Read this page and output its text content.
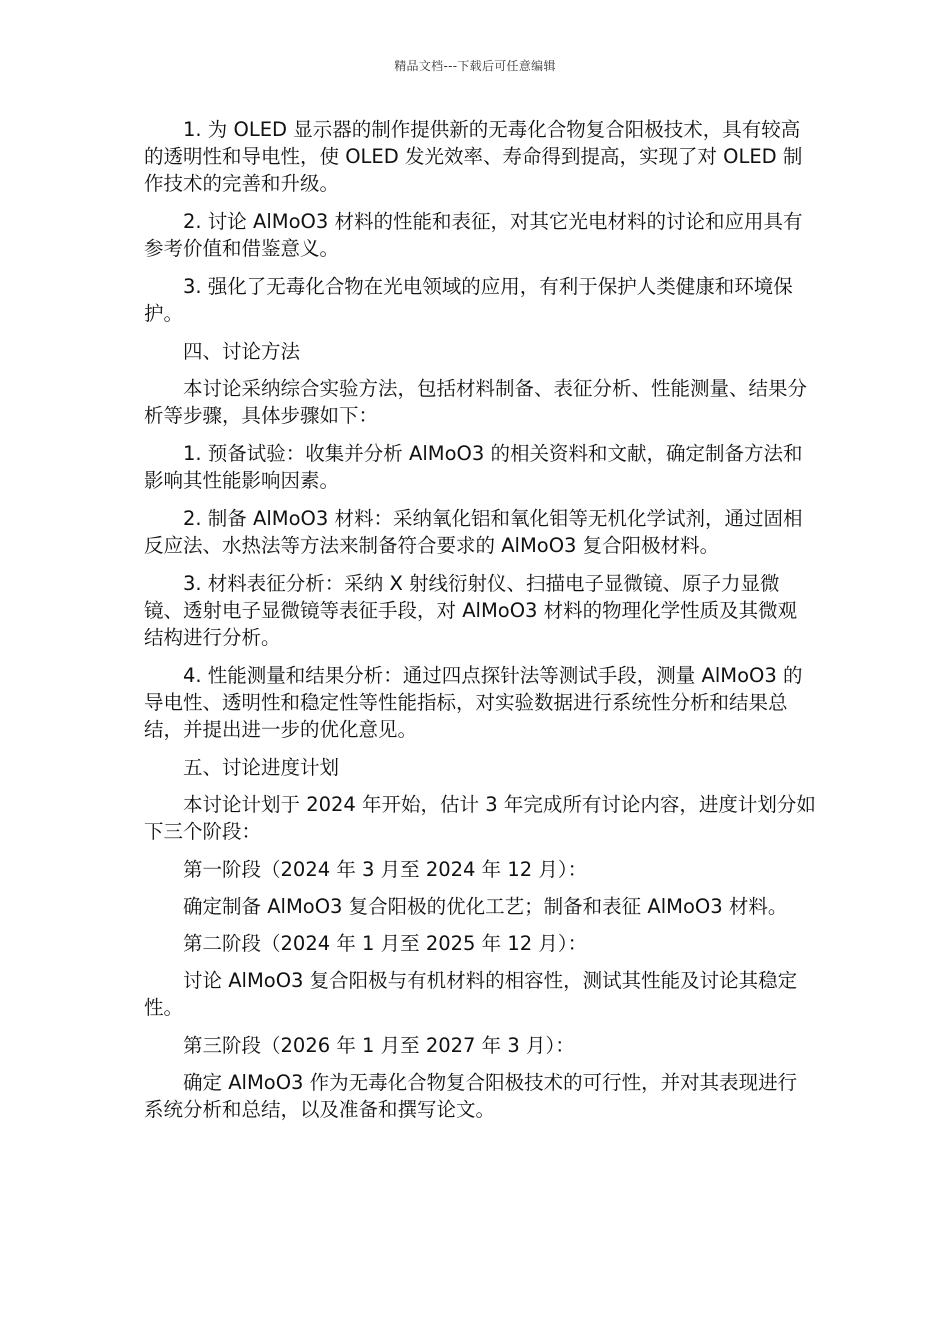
精品文档---下载后可任意编辑

1. 为 OLED 显示器的制作提供新的无毒化合物复合阳极技术，具有较高的透明性和导电性，使 OLED 发光效率、寿命得到提高，实现了对 OLED 制作技术的完善和升级。

2. 讨论 AlMoO3 材料的性能和表征，对其它光电材料的讨论和应用具有参考价值和借鉴意义。

3. 强化了无毒化合物在光电领域的应用，有利于保护人类健康和环境保护。

四、讨论方法

本讨论采纳综合实验方法，包括材料制备、表征分析、性能测量、结果分析等步骤，具体步骤如下：

1. 预备试验：收集并分析 AlMoO3 的相关资料和文献，确定制备方法和影响其性能影响因素。

2. 制备 AlMoO3 材料：采纳氧化铝和氧化钼等无机化学试剂，通过固相反应法、水热法等方法来制备符合要求的 AlMoO3 复合阳极材料。

3. 材料表征分析：采纳 X 射线衍射仪、扫描电子显微镜、原子力显微镜、透射电子显微镜等表征手段，对 AlMoO3 材料的物理化学性质及其微观结构进行分析。

4. 性能测量和结果分析：通过四点探针法等测试手段，测量 AlMoO3 的导电性、透明性和稳定性等性能指标，对实验数据进行系统性分析和结果总结，并提出进一步的优化意见。

五、讨论进度计划

本讨论计划于 2024 年开始，估计 3 年完成所有讨论内容，进度计划分如下三个阶段：

第一阶段（2024 年 3 月至 2024 年 12 月）：

确定制备 AlMoO3 复合阳极的优化工艺；制备和表征 AlMoO3 材料。

第二阶段（2024 年 1 月至 2025 年 12 月）：

讨论 AlMoO3 复合阳极与有机材料的相容性，测试其性能及讨论其稳定性。

第三阶段（2026 年 1 月至 2027 年 3 月）：

确定 AlMoO3 作为无毒化合物复合阳极技术的可行性，并对其表现进行系统分析和总结，以及准备和撰写论文。
